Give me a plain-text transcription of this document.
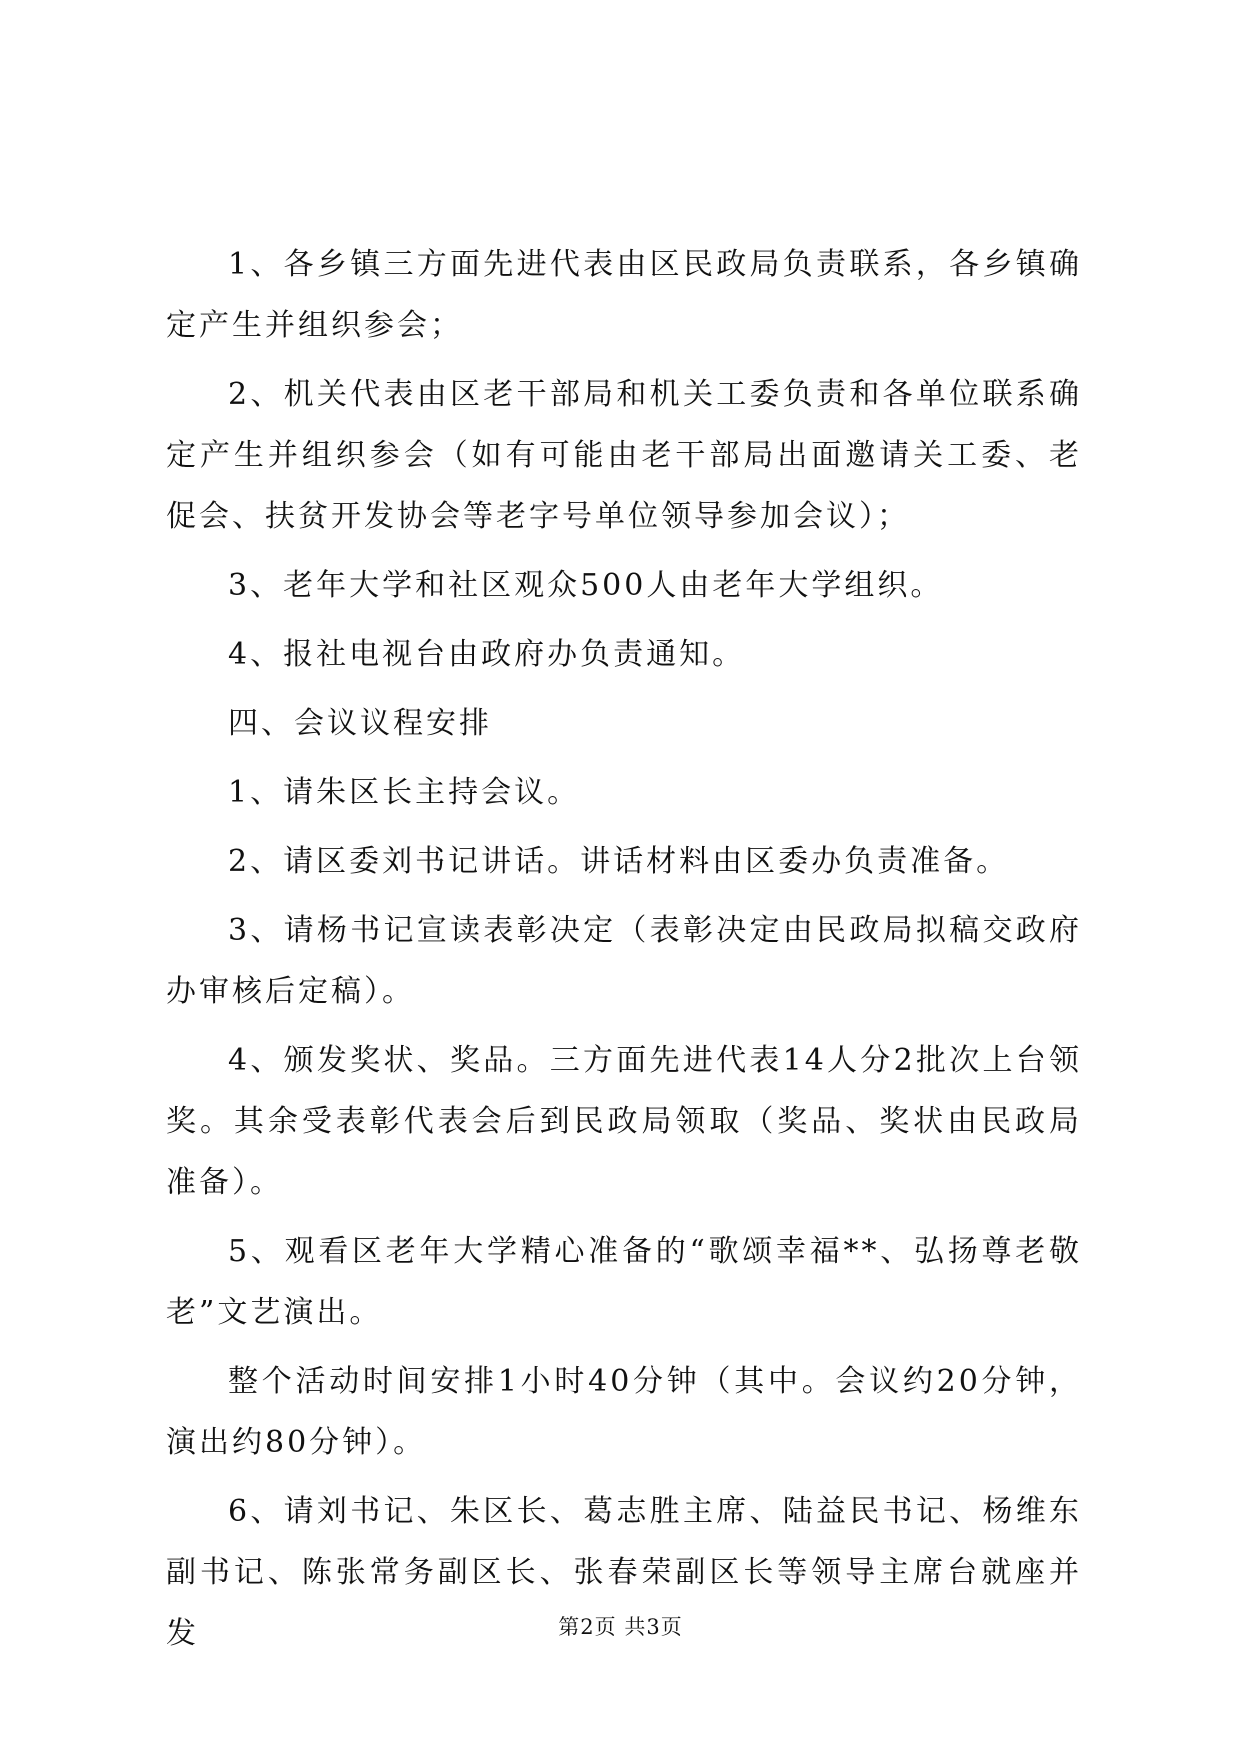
1、各乡镇三方面先进代表由区民政局负责联系，各乡镇确定产生并组织参会；

2、机关代表由区老干部局和机关工委负责和各单位联系确定产生并组织参会（如有可能由老干部局出面邀请关工委、老促会、扶贫开发协会等老字号单位领导参加会议）；

3、老年大学和社区观众500人由老年大学组织。

4、报社电视台由政府办负责通知。

四、会议议程安排

1、请朱区长主持会议。

2、请区委刘书记讲话。讲话材料由区委办负责准备。

3、请杨书记宣读表彰决定（表彰决定由民政局拟稿交政府办审核后定稿）。

4、颁发奖状、奖品。三方面先进代表14人分2批次上台领奖。其余受表彰代表会后到民政局领取（奖品、奖状由民政局准备）。

5、观看区老年大学精心准备的“歌颂幸福**、弘扬尊老敬老”文艺演出。

整个活动时间安排1小时40分钟（其中。会议约20分钟，演出约80分钟）。

6、请刘书记、朱区长、葛志胜主席、陆益民书记、杨维东副书记、陈张常务副区长、张春荣副区长等领导主席台就座并发	第2页 共3页
